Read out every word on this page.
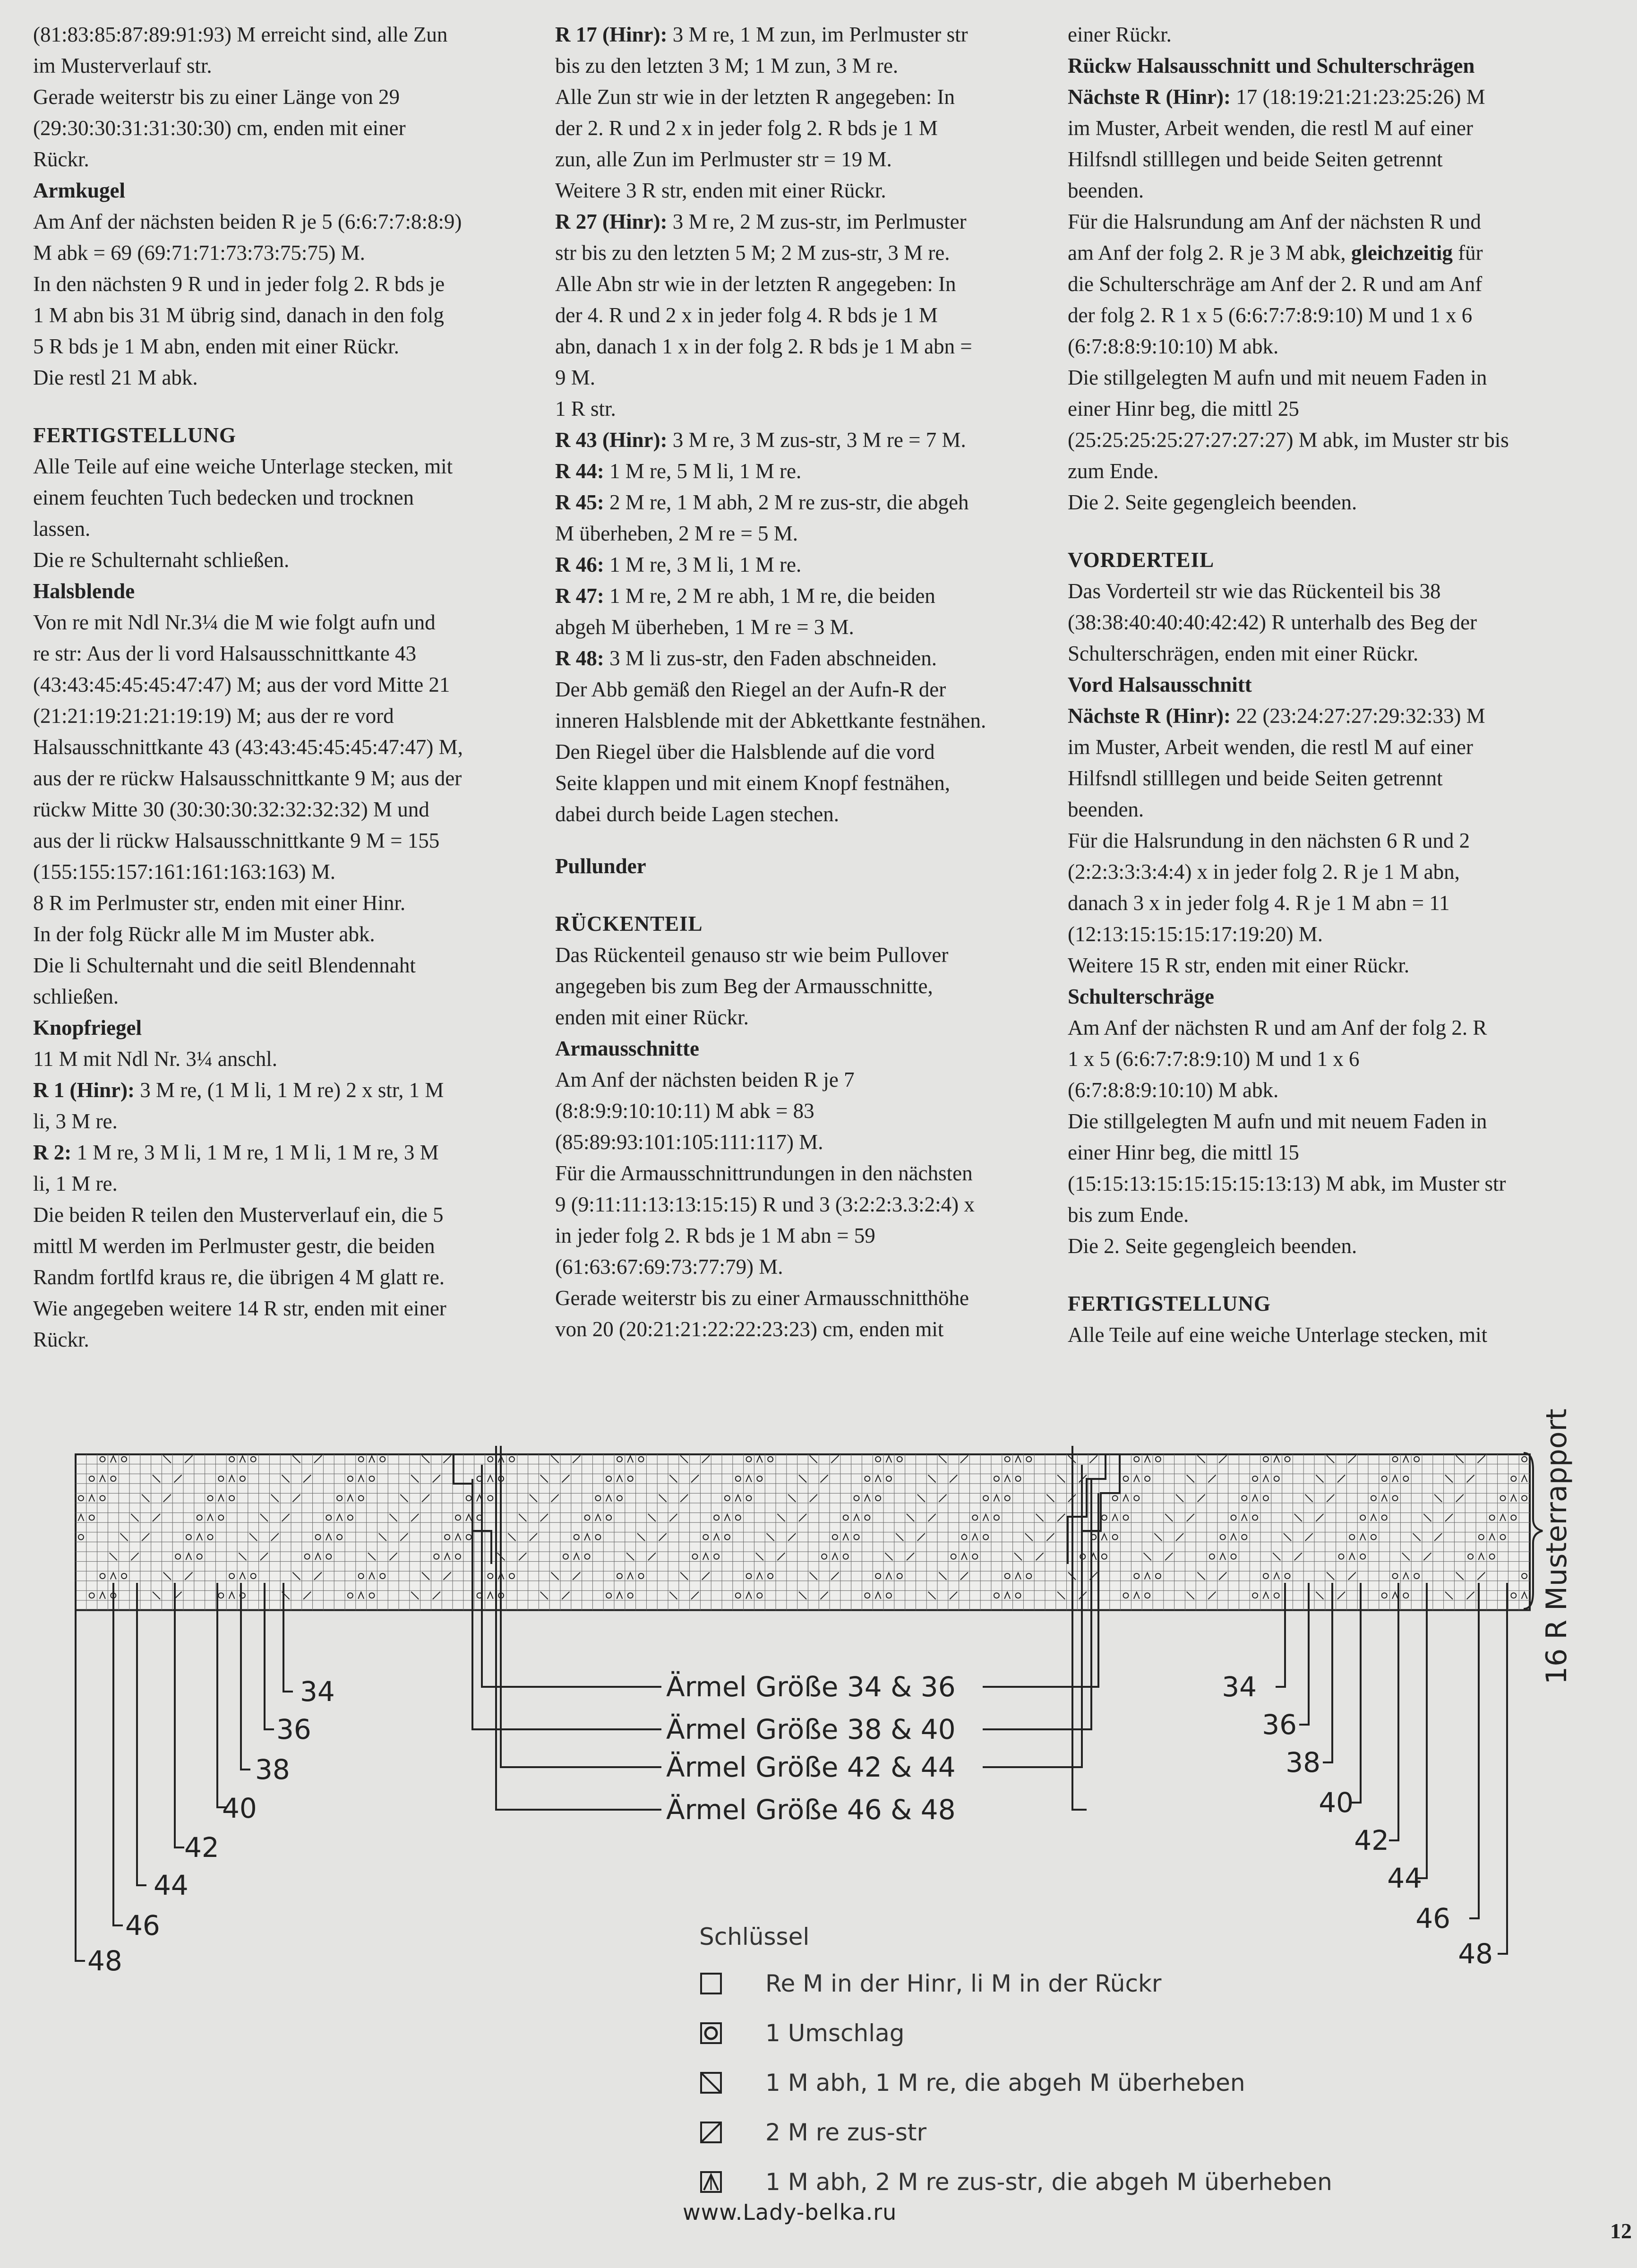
(81:83:85:87:89:91:93) M erreicht sind, alle Zun
im Musterverlauf str.
Gerade weiterstr bis zu einer Länge von 29
(29:30:30:31:31:30:30) cm, enden mit einer
Rückr.
Armkugel
Am Anf der nächsten beiden R je 5 (6:6:7:7:8:8:9)
M abk = 69 (69:71:71:73:73:75:75) M.
In den nächsten 9 R und in jeder folg 2. R bds je
1 M abn bis 31 M übrig sind, danach in den folg
5 R bds je 1 M abn, enden mit einer Rückr.
Die restl 21 M abk.
FERTIGSTELLUNG
Alle Teile auf eine weiche Unterlage stecken, mit
einem feuchten Tuch bedecken und trocknen
lassen.
Die re Schulternaht schließen.
Halsblende
Von re mit Ndl Nr.3¼ die M wie folgt aufn und
re str: Aus der li vord Halsausschnittkante 43
(43:43:45:45:45:47:47) M; aus der vord Mitte 21
(21:21:19:21:21:19:19) M; aus der re vord
Halsausschnittkante 43 (43:43:45:45:45:47:47) M,
aus der re rückw Halsausschnittkante 9 M; aus der
rückw Mitte 30 (30:30:30:32:32:32:32) M und
aus der li rückw Halsausschnittkante 9 M = 155
(155:155:157:161:161:163:163) M.
8 R im Perlmuster str, enden mit einer Hinr.
In der folg Rückr alle M im Muster abk.
Die li Schulternaht und die seitl Blendennaht
schließen.
Knopfriegel
11 M mit Ndl Nr. 3¼ anschl.
R 1 (Hinr): 3 M re, (1 M li, 1 M re) 2 x str, 1 M
li, 3 M re.
R 2: 1 M re, 3 M li, 1 M re, 1 M li, 1 M re, 3 M
li, 1 M re.
Die beiden R teilen den Musterverlauf ein, die 5
mittl M werden im Perlmuster gestr, die beiden
Randm fortlfd kraus re, die übrigen 4 M glatt re.
Wie angegeben weitere 14 R str, enden mit einer
Rückr.
R 17 (Hinr): 3 M re, 1 M zun, im Perlmuster str
bis zu den letzten 3 M; 1 M zun, 3 M re.
Alle Zun str wie in der letzten R angegeben: In
der 2. R und 2 x in jeder folg 2. R bds je 1 M
zun, alle Zun im Perlmuster str = 19 M.
Weitere 3 R str, enden mit einer Rückr.
R 27 (Hinr): 3 M re, 2 M zus-str, im Perlmuster
str bis zu den letzten 5 M; 2 M zus-str, 3 M re.
Alle Abn str wie in der letzten R angegeben: In
der 4. R und 2 x in jeder folg 4. R bds je 1 M
abn, danach 1 x in der folg 2. R bds je 1 M abn =
9 M.
1 R str.
R 43 (Hinr): 3 M re, 3 M zus-str, 3 M re = 7 M.
R 44: 1 M re, 5 M li, 1 M re.
R 45: 2 M re, 1 M abh, 2 M re zus-str, die abgeh
M überheben, 2 M re = 5 M.
R 46: 1 M re, 3 M li, 1 M re.
R 47: 1 M re, 2 M re abh, 1 M re, die beiden
abgeh M überheben, 1 M re = 3 M.
R 48: 3 M li zus-str, den Faden abschneiden.
Der Abb gemäß den Riegel an der Aufn-R der
inneren Halsblende mit der Abkettkante festnähen.
Den Riegel über die Halsblende auf die vord
Seite klappen und mit einem Knopf festnähen,
dabei durch beide Lagen stechen.
Pullunder
RÜCKENTEIL
Das Rückenteil genauso str wie beim Pullover
angegeben bis zum Beg der Armausschnitte,
enden mit einer Rückr.
Armausschnitte
Am Anf der nächsten beiden R je 7
(8:8:9:9:10:10:11) M abk = 83
(85:89:93:101:105:111:117) M.
Für die Armausschnittrundungen in den nächsten
9 (9:11:11:13:13:15:15) R und 3 (3:2:2:3.3:2:4) x
in jeder folg 2. R bds je 1 M abn = 59
(61:63:67:69:73:77:79) M.
Gerade weiterstr bis zu einer Armausschnitthöhe
von 20 (20:21:21:22:22:23:23) cm, enden mit
einer Rückr.
Rückw Halsausschnitt und Schulterschrägen
Nächste R (Hinr): 17 (18:19:21:21:23:25:26) M
im Muster, Arbeit wenden, die restl M auf einer
Hilfsndl stilllegen und beide Seiten getrennt
beenden.
Für die Halsrundung am Anf der nächsten R und
am Anf der folg 2. R je 3 M abk, gleichzeitig für
die Schulterschräge am Anf der 2. R und am Anf
der folg 2. R 1 x 5 (6:6:7:7:8:9:10) M und 1 x 6
(6:7:8:8:9:10:10) M abk.
Die stillgelegten M aufn und mit neuem Faden in
einer Hinr beg, die mittl 25
(25:25:25:25:27:27:27:27) M abk, im Muster str bis
zum Ende.
Die 2. Seite gegengleich beenden.
VORDERTEIL
Das Vorderteil str wie das Rückenteil bis 38
(38:38:40:40:40:42:42) R unterhalb des Beg der
Schulterschrägen, enden mit einer Rückr.
Vord Halsausschnitt
Nächste R (Hinr): 22 (23:24:27:27:29:32:33) M
im Muster, Arbeit wenden, die restl M auf einer
Hilfsndl stilllegen und beide Seiten getrennt
beenden.
Für die Halsrundung in den nächsten 6 R und 2
(2:2:3:3:3:4:4) x in jeder folg 2. R je 1 M abn,
danach 3 x in jeder folg 4. R je 1 M abn = 11
(12:13:15:15:15:17:19:20) M.
Weitere 15 R str, enden mit einer Rückr.
Schulterschräge
Am Anf der nächsten R und am Anf der folg 2. R
1 x 5 (6:6:7:7:8:9:10) M und 1 x 6
(6:7:8:8:9:10:10) M abk.
Die stillgelegten M aufn und mit neuem Faden in
einer Hinr beg, die mittl 15
(15:15:13:15:15:15:15:13:13) M abk, im Muster str
bis zum Ende.
Die 2. Seite gegengleich beenden.
FERTIGSTELLUNG
Alle Teile auf eine weiche Unterlage stecken, mit
Ärmel Größe 34 & 36
Ärmel Größe 38 & 40
Ärmel Größe 42 & 44
Ärmel Größe 46 & 48
34
36
38
40
42
44
46
48
34
36
38
40
42
44
46
48
16 R Musterrapport
Schlüssel
Re M in der Hinr, li M in der Rückr
1 Umschlag
1 M abh, 1 M re, die abgeh M überheben
2 M re zus-str
1 M abh, 2 M re zus-str, die abgeh M überheben
www.Lady-belka.ru
12
